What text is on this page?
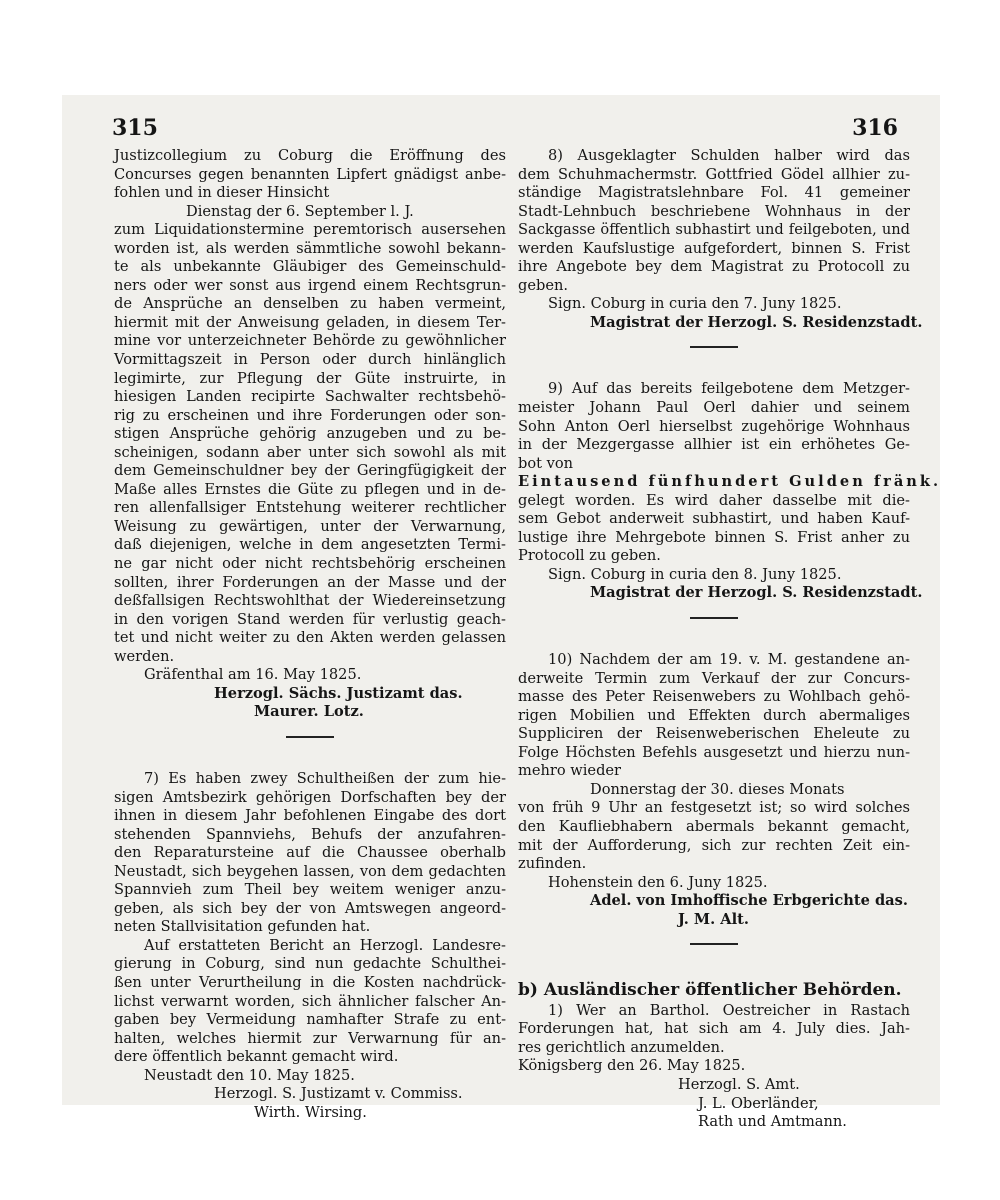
315	316
Justizcollegium zu Coburg die Eröffnung des
Concurses gegen benannten Lipfert gnädigst anbe-
fohlen und in dieser Hinsicht
Dienstag der 6. September l. J.
zum Liquidationstermine peremtorisch ausersehen
worden ist, als werden sämmtliche sowohl bekann-
te als unbekannte Gläubiger des Gemeinschuld-
ners oder wer sonst aus irgend einem Rechtsgrun-
de Ansprüche an denselben zu haben vermeint,
hiermit mit der Anweisung geladen, in diesem Ter-
mine vor unterzeichneter Behörde zu gewöhnlicher
Vormittagszeit in Person oder durch hinlänglich
legimirte, zur Pflegung der Güte instruirte, in
hiesigen Landen recipirte Sachwalter rechtsbehö-
rig zu erscheinen und ihre Forderungen oder son-
stigen Ansprüche gehörig anzugeben und zu be-
scheinigen, sodann aber unter sich sowohl als mit
dem Gemeinschuldner bey der Geringfügigkeit der
Maße alles Ernstes die Güte zu pflegen und in de-
ren allenfallsiger Entstehung weiterer rechtlicher
Weisung zu gewärtigen, unter der Verwarnung,
daß diejenigen, welche in dem angesetzten Termi-
ne gar nicht oder nicht rechtsbehörig erscheinen
sollten, ihrer Forderungen an der Masse und der
deßfallsigen Rechtswohlthat der Wiedereinsetzung
in den vorigen Stand werden für verlustig geach-
tet und nicht weiter zu den Akten werden gelassen
werden.
Gräfenthal am 16. May 1825.
Herzogl. Sächs. Justizamt das.
Maurer. Lotz.
7) Es haben zwey Schultheißen der zum hie-
sigen Amtsbezirk gehörigen Dorfschaften bey der
ihnen in diesem Jahr befohlenen Eingabe des dort
stehenden Spannviehs, Behufs der anzufahren-
den Reparatursteine auf die Chaussee oberhalb
Neustadt, sich beygehen lassen, von dem gedachten
Spannvieh zum Theil bey weitem weniger anzu-
geben, als sich bey der von Amtswegen angeord-
neten Stallvisitation gefunden hat.
Auf erstatteten Bericht an Herzogl. Landesre-
gierung in Coburg, sind nun gedachte Schulthei-
ßen unter Verurtheilung in die Kosten nachdrück-
lichst verwarnt worden, sich ähnlicher falscher An-
gaben bey Vermeidung namhafter Strafe zu ent-
halten, welches hiermit zur Verwarnung für an-
dere öffentlich bekannt gemacht wird.
Neustadt den 10. May 1825.
Herzogl. S. Justizamt v. Commiss.
Wirth. Wirsing.
8) Ausgeklagter Schulden halber wird das
dem Schuhmachermstr. Gottfried Gödel allhier zu-
ständige Magistratslehnbare Fol. 41 gemeiner
Stadt-Lehnbuch beschriebene Wohnhaus in der
Sackgasse öffentlich subhastirt und feilgeboten, und
werden Kaufslustige aufgefordert, binnen S. Frist
ihre Angebote bey dem Magistrat zu Protocoll zu
geben.
Sign. Coburg in curia den 7. Juny 1825.
Magistrat der Herzogl. S. Residenzstadt.
9) Auf das bereits feilgebotene dem Metzger-
meister Johann Paul Oerl dahier und seinem
Sohn Anton Oerl hierselbst zugehörige Wohnhaus
in der Mezgergasse allhier ist ein erhöhetes Ge-
bot von
Eintausend fünfhundert Gulden fränk.
gelegt worden. Es wird daher dasselbe mit die-
sem Gebot anderweit subhastirt, und haben Kauf-
lustige ihre Mehrgebote binnen S. Frist anher zu
Protocoll zu geben.
Sign. Coburg in curia den 8. Juny 1825.
Magistrat der Herzogl. S. Residenzstadt.
10) Nachdem der am 19. v. M. gestandene an-
derweite Termin zum Verkauf der zur Concurs-
masse des Peter Reisenwebers zu Wohlbach gehö-
rigen Mobilien und Effekten durch abermaliges
Suppliciren der Reisenweberischen Eheleute zu
Folge Höchsten Befehls ausgesetzt und hierzu nun-
mehro wieder
Donnerstag der 30. dieses Monats
von früh 9 Uhr an festgesetzt ist; so wird solches
den Kaufliebhabern abermals bekannt gemacht,
mit der Aufforderung, sich zur rechten Zeit ein-
zufinden.
Hohenstein den 6. Juny 1825.
Adel. von Imhoffische Erbgerichte das.
J. M. Alt.
b) Ausländischer öffentlicher Behörden.
1) Wer an Barthol. Oestreicher in Rastach
Forderungen hat, hat sich am 4. July dies. Jah-
res gerichtlich anzumelden.
Königsberg den 26. May 1825.
Herzogl. S. Amt.
J. L. Oberländer,
Rath und Amtmann.
